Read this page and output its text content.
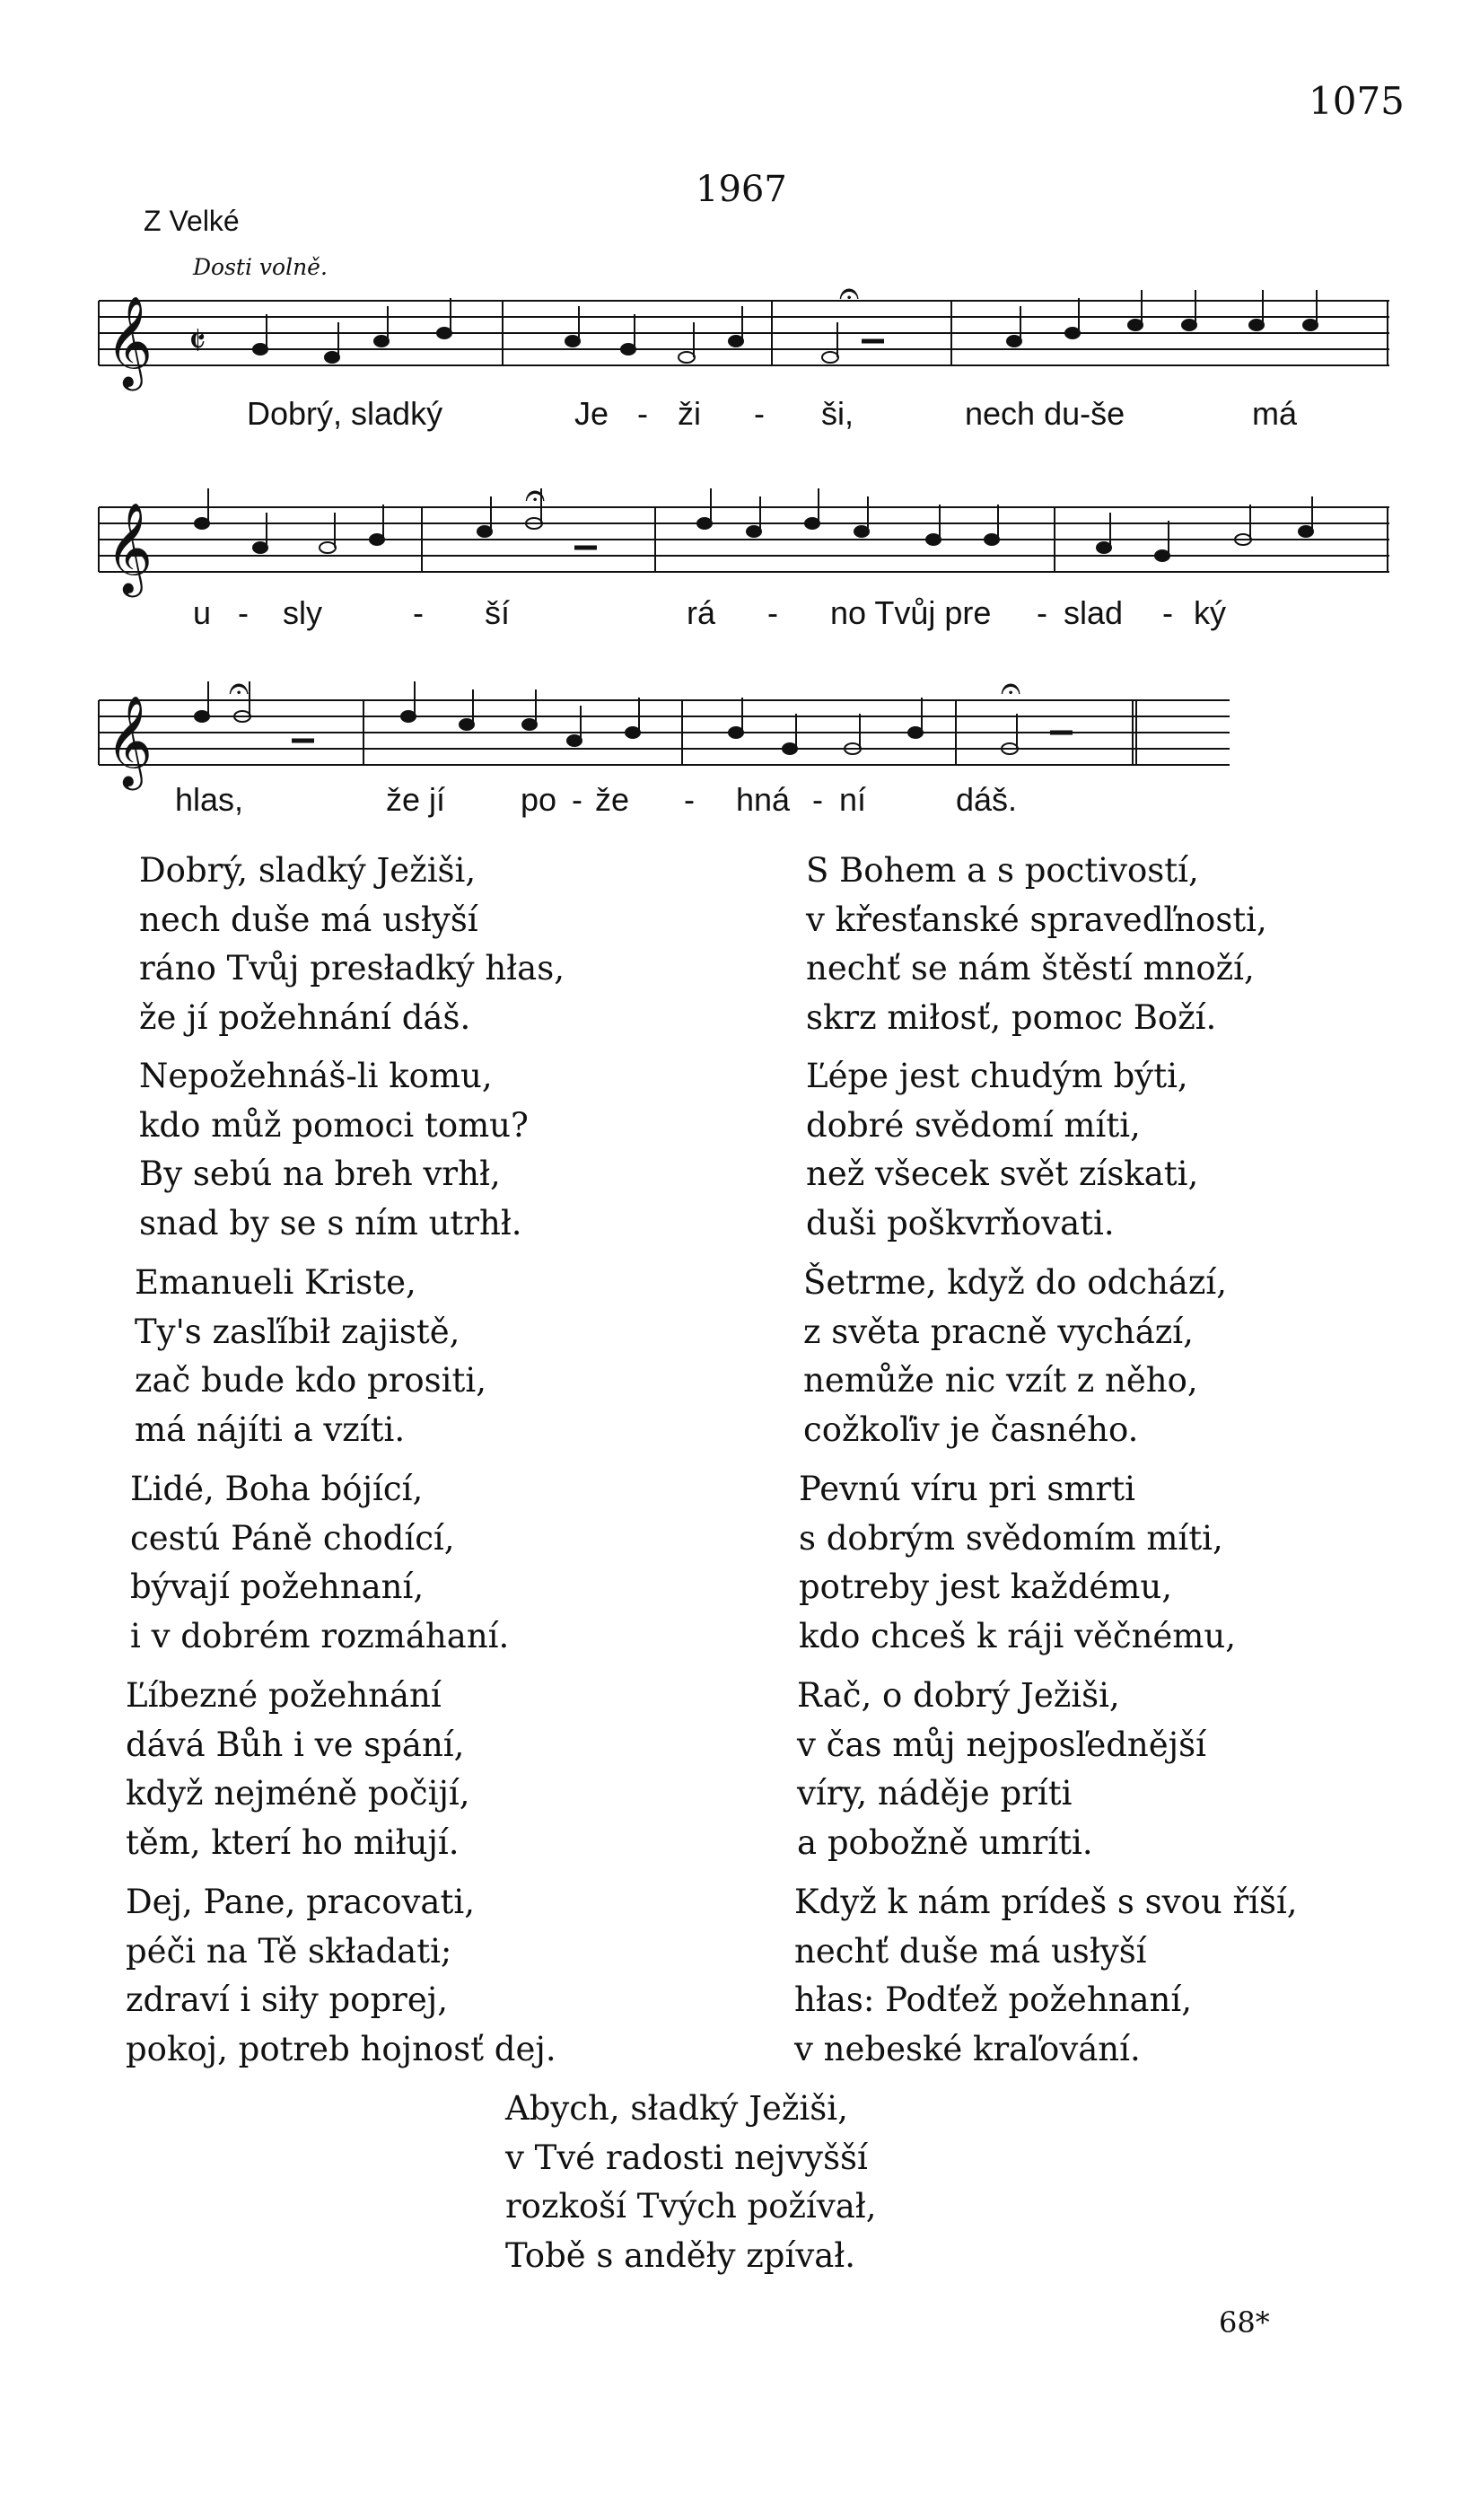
1075
1967
Z Velké
Dosti volně.
𝄞
𝄞
𝄞
𝄵
𝄐
𝄐
𝄐	𝄐
Dobrý, sladký	Je - ži - ši,	nech du-še	má
u - sly	- ší	rá - no Tvůj pre - slad - ký
hlas,	že jí po - že - hná - ní	dáš.
Dobrý, sladký Ježiši,
nech duše má usłyší
ráno Tvůj presładký hłas,
že jí požehnání dáš.
Nepožehnáš-li komu,
kdo můž pomoci tomu?
By sebú na breh vrhł,
snad by se s ním utrhł.
Emanueli Kriste,
Ty's zasľíbił zajistě,
zač bude kdo prositi,
má nájíti a vzíti.
Ľidé, Boha bójící,
cestú Páně chodící,
bývají požehnaní,
i v dobrém rozmáhaní.
Ľíbezné požehnání
dává Bůh i ve spání,
když nejméně počijí,
těm, kterí ho miłují.
Dej, Pane, pracovati,
péči na Tě składati;
zdraví i siły poprej,
pokoj, potreb hojnosť dej.
S Bohem a s poctivostí,
v křesťanské spravedľnosti,
nechť se nám štěstí množí,
skrz miłosť, pomoc Boží.
Ľépe jest chudým býti,
dobré svědomí míti,
než všecek svět získati,
duši poškvrňovati.
Šetrme, když do odchází,
z světa pracně vychází,
nemůže nic vzít z něho,
cožkoľiv je časného.
Pevnú víru pri smrti
s dobrým svědomím míti,
potreby jest každému,
kdo chceš k ráji věčnému,
Rač, o dobrý Ježiši,
v čas můj nejposľednější
víry, náděje príti
a pobožně umríti.
Když k nám prídeš s svou říší,
nechť duše má usłyší
hłas: Podťež požehnaní,
v nebeské kraľování.
Abych, sładký Ježiši,
v Tvé radosti nejvyšší
rozkoší Tvých požívał,
Tobě s anděły zpívał.
68*
